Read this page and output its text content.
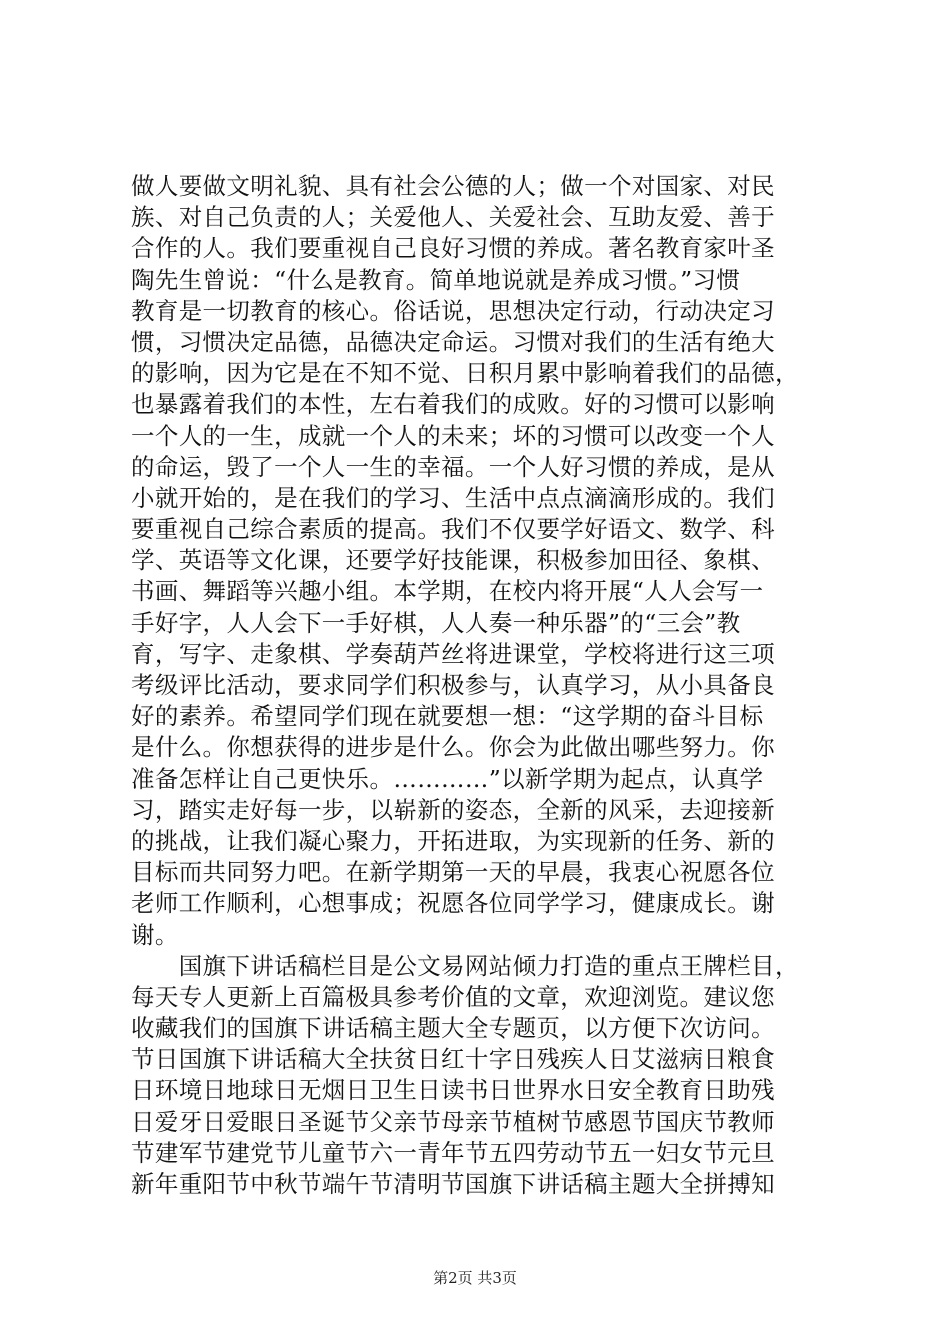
做人要做文明礼貌、具有社会公德的人；做一个对国家、对民
族、对自己负责的人；关爱他人、关爱社会、互助友爱、善于
合作的人。我们要重视自己良好习惯的养成。著名教育家叶圣
陶先生曾说：“什么是教育。简单地说就是养成习惯。”习惯
教育是一切教育的核心。俗话说，思想决定行动，行动决定习
惯，习惯决定品德，品德决定命运。习惯对我们的生活有绝大
的影响，因为它是在不知不觉、日积月累中影响着我们的品德，
也暴露着我们的本性，左右着我们的成败。好的习惯可以影响
一个人的一生，成就一个人的未来；坏的习惯可以改变一个人
的命运，毁了一个人一生的幸福。一个人好习惯的养成，是从
小就开始的，是在我们的学习、生活中点点滴滴形成的。我们
要重视自己综合素质的提高。我们不仅要学好语文、数学、科
学、英语等文化课，还要学好技能课，积极参加田径、象棋、
书画、舞蹈等兴趣小组。本学期，在校内将开展“人人会写一
手好字，人人会下一手好棋，人人奏一种乐器”的“三会”教
育，写字、走象棋、学奏葫芦丝将进课堂，学校将进行这三项
考级评比活动，要求同学们积极参与，认真学习，从小具备良
好的素养。希望同学们现在就要想一想：“这学期的奋斗目标
是什么。你想获得的进步是什么。你会为此做出哪些努力。你
准备怎样让自己更快乐。…………”以新学期为起点，认真学
习，踏实走好每一步，以崭新的姿态，全新的风采，去迎接新
的挑战，让我们凝心聚力，开拓进取，为实现新的任务、新的
目标而共同努力吧。在新学期第一天的早晨，我衷心祝愿各位
老师工作顺利，心想事成；祝愿各位同学学习，健康成长。谢
谢。
　　国旗下讲话稿栏目是公文易网站倾力打造的重点王牌栏目，
每天专人更新上百篇极具参考价值的文章，欢迎浏览。建议您
收藏我们的国旗下讲话稿主题大全专题页，以方便下次访问。
节日国旗下讲话稿大全扶贫日红十字日残疾人日艾滋病日粮食
日环境日地球日无烟日卫生日读书日世界水日安全教育日助残
日爱牙日爱眼日圣诞节父亲节母亲节植树节感恩节国庆节教师
节建军节建党节儿童节六一青年节五四劳动节五一妇女节元旦
新年重阳节中秋节端午节清明节国旗下讲话稿主题大全拼搏知
第2页 共3页
